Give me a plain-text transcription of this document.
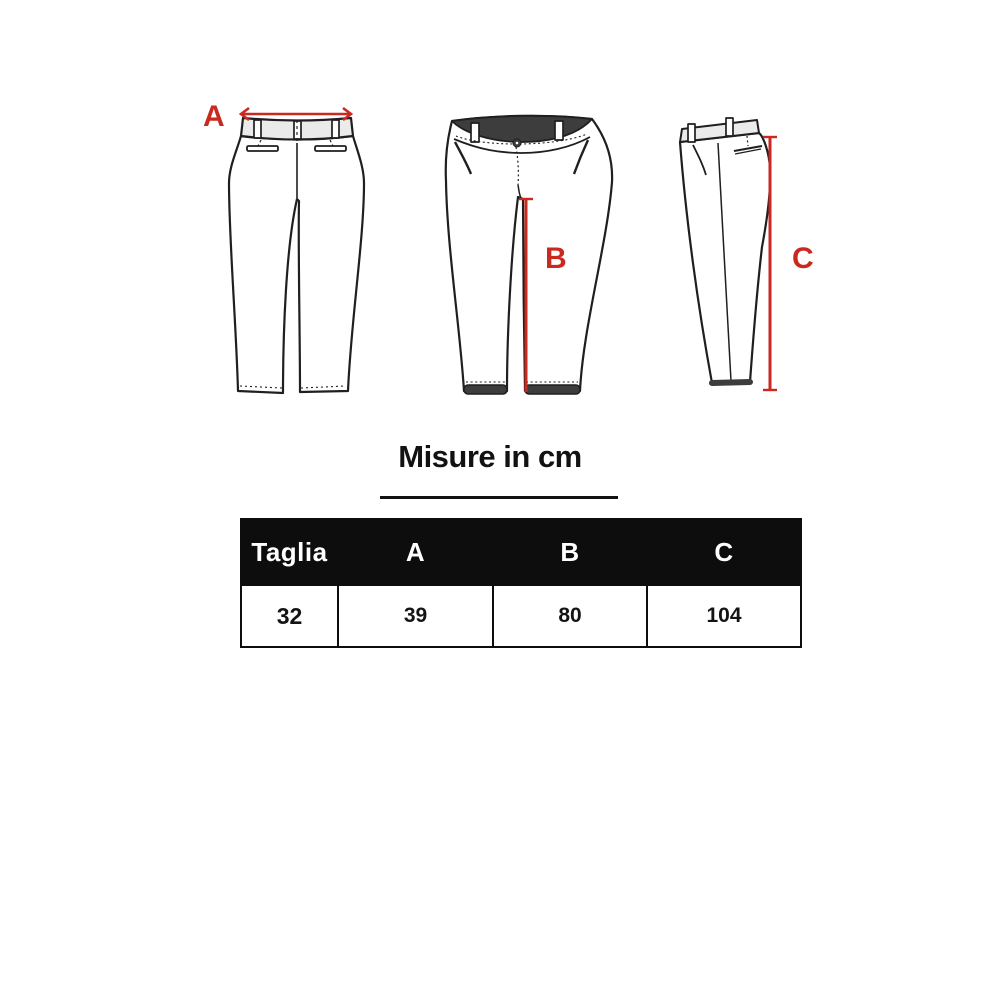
A
B	C
Misure in cm
Taglia	A	B	C
32	39	80	104
